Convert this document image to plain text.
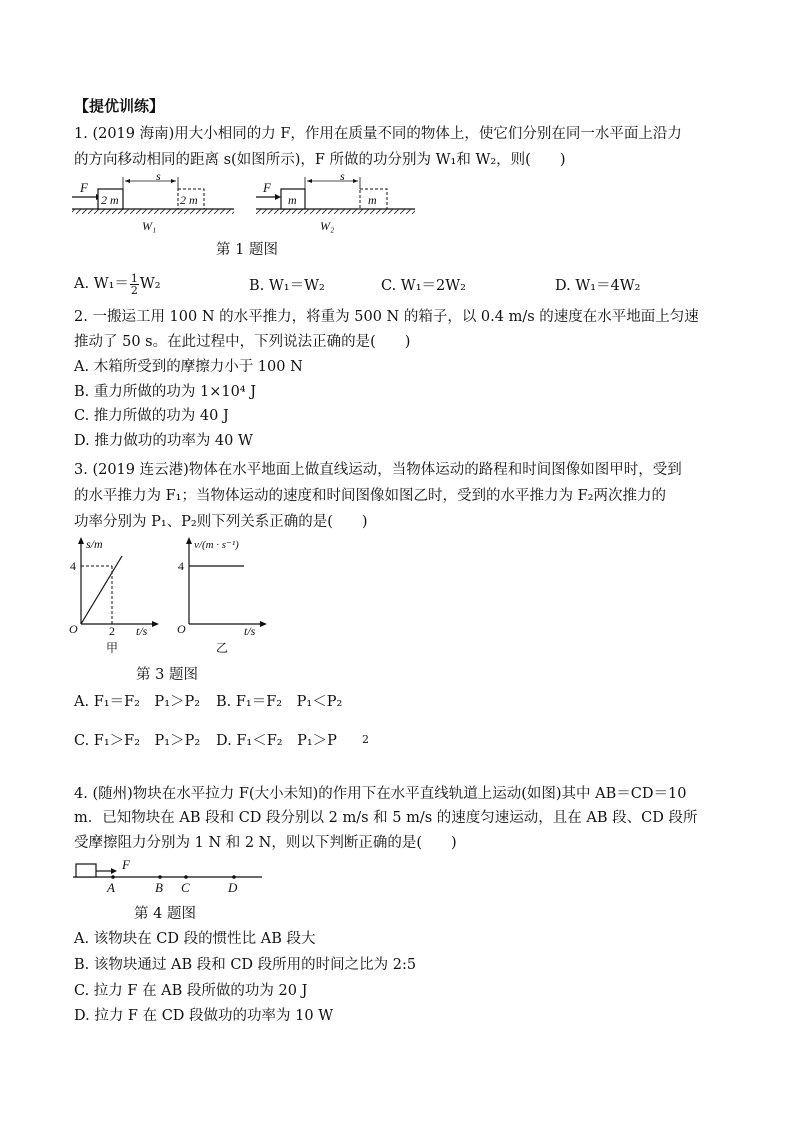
【提优训练】
1. (2019 海南)用大小相同的力 F，作用在质量不同的物体上，使它们分别在同一水平面上沿力
的方向移动相同的距离 s(如图所示)，F 所做的功分别为 W₁和 W₂，则(　　)
F
2 m
s
2 m
W₁
F
m
s
m
W₂
第 1 题图
A. $W_1= \frac{1}{2} W_2$	B. W₁＝W₂	C. W₁＝2W₂	D. W₁＝4W₂
2. 一搬运工用 100 N 的水平推力，将重为 500 N 的箱子，以 0.4 m/s 的速度在水平地面上匀速
推动了 50 s。在此过程中，下列说法正确的是(　　)
A. 木箱所受到的摩擦力小于 100 N
B. 重力所做的功为 1×10⁴ J
C. 推力所做的功为 40 J
D. 推力做功的功率为 40 W
3. (2019 连云港)物体在水平地面上做直线运动，当物体运动的路程和时间图像如图甲时，受到
的水平推力为 F₁；当物体运动的速度和时间图像如图乙时，受到的水平推力为 F₂两次推力的
功率分别为 P₁、P₂则下列关系正确的是(　　)
s/m
4
O	2 t/s
甲
v/(m · s⁻¹)
4
O	t/s
乙
第 3 题图
A. F₁＝F₂　P₁＞P₂ B. F₁＝F₂　P₁＜P₂
C. F₁＞F₂　P₁＞P₂ D. F₁＜F₂　P₁＞P 2
4. (随州)物块在水平拉力 F(大小未知)的作用下在水平直线轨道上运动(如图)其中 AB＝CD＝10
m．已知物块在 AB 段和 CD 段分别以 2 m/s 和 5 m/s 的速度匀速运动，且在 AB 段、CD 段所
受摩擦阻力分别为 1 N 和 2 N，则以下判断正确的是(　　)
F
A	B C	D
第 4 题图
A. 该物块在 CD 段的惯性比 AB 段大
B. 该物块通过 AB 段和 CD 段所用的时间之比为 2:5
C. 拉力 F 在 AB 段所做的功为 20 J
D. 拉力 F 在 CD 段做功的功率为 10 W
